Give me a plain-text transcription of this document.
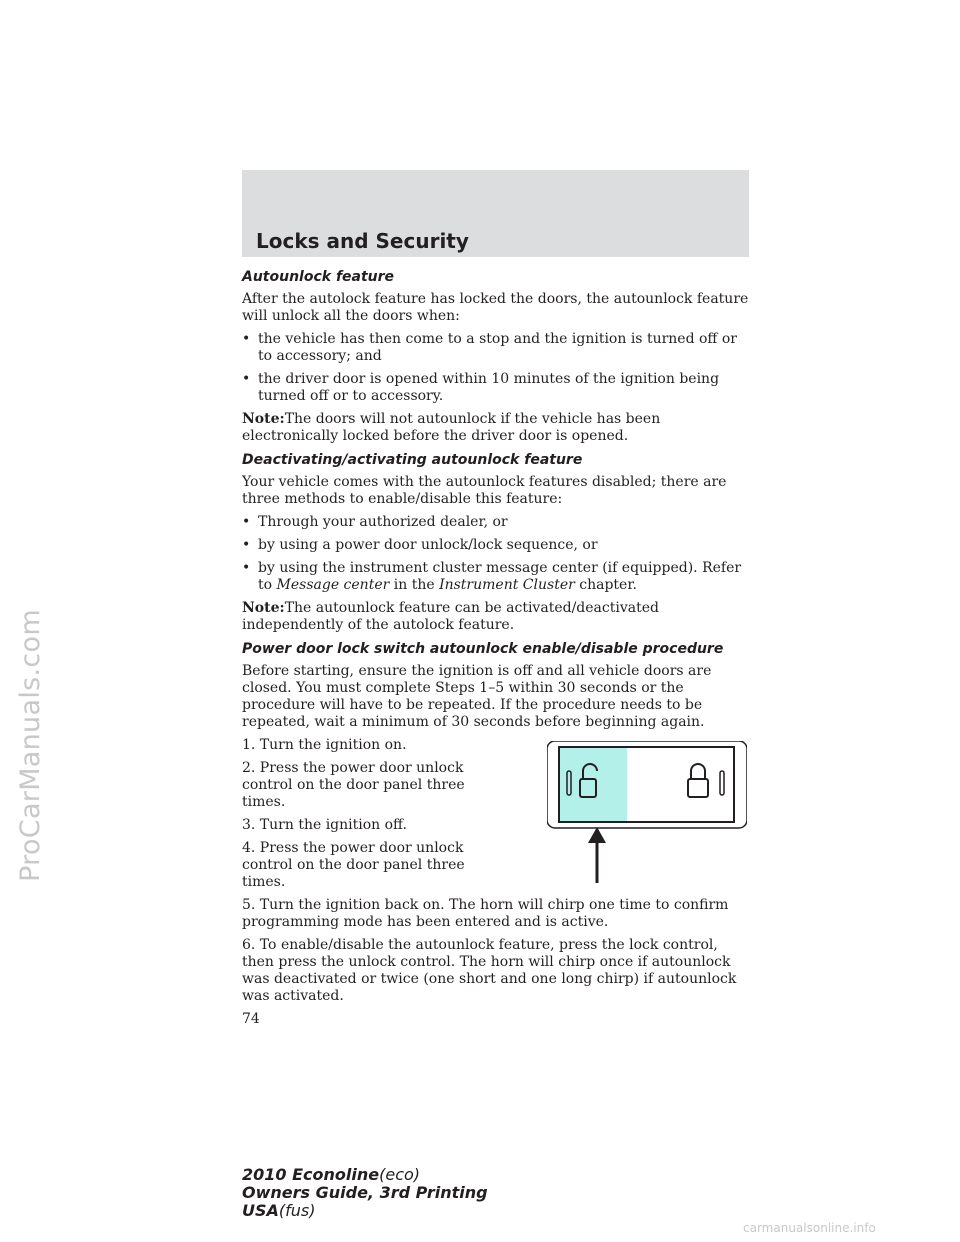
ProCarManuals.com
Locks and Security
Autounlock feature

After the autolock feature has locked the doors, the autounlock feature will unlock all the doors when:

• the vehicle has then come to a stop and the ignition is turned off or to accessory; and
• the driver door is opened within 10 minutes of the ignition being turned off or to accessory.

Note:The doors will not autounlock if the vehicle has been electronically locked before the driver door is opened.

Deactivating/activating autounlock feature

Your vehicle comes with the autounlock features disabled; there are three methods to enable/disable this feature:

• Through your authorized dealer, or
• by using a power door unlock/lock sequence, or
• by using the instrument cluster message center (if equipped). Refer to Message center in the Instrument Cluster chapter.

Note:The autounlock feature can be activated/deactivated independently of the autolock feature.

Power door lock switch autounlock enable/disable procedure

Before starting, ensure the ignition is off and all vehicle doors are closed. You must complete Steps 1–5 within 30 seconds or the procedure will have to be repeated. If the procedure needs to be repeated, wait a minimum of 30 seconds before beginning again.

1. Turn the ignition on.

2. Press the power door unlock control on the door panel three times.

3. Turn the ignition off.

4. Press the power door unlock control on the door panel three times.

5. Turn the ignition back on. The horn will chirp one time to confirm programming mode has been entered and is active.

6. To enable/disable the autounlock feature, press the lock control, then press the unlock control. The horn will chirp once if autounlock was deactivated or twice (one short and one long chirp) if autounlock was activated.

74
2010 Econoline(eco)
Owners Guide, 3rd Printing
USA(fus)
carmanualsonline.info
